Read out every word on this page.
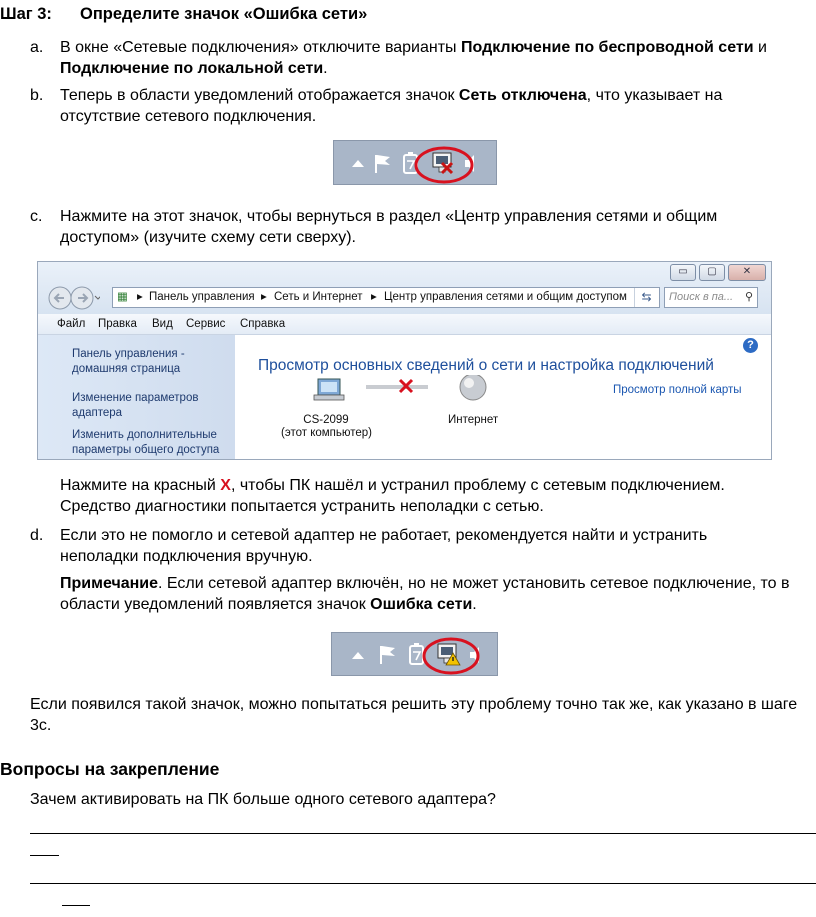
Шаг 3: Определите значок «Ошибка сети»
a. В окне «Сетевые подключения» отключите варианты Подключение по беспроводной сети и
Подключение по локальной сети.
b. Теперь в области уведомлений отображается значок Сеть отключена, что указывает на отсутствие сетевого подключения.
c. Нажмите на этот значок, чтобы вернуться в раздел «Центр управления сетями и общим доступом» (изучите схему сети сверху).
▭	▢	✕
▦ ▸ Панель управления ▸ Сеть и Интернет ▸ Центр управления сетями и общим доступом	⇆	Поиск в па... ⚲
Файл Правка Вид Сервис Справка
Панель управления -
домашняя страница
Изменение параметров
адаптера
Изменить дополнительные
параметры общего доступа
?
Просмотр основных сведений о сети и настройка подключений
Просмотр полной карты
CS-2099
(этот компьютер)
Интернет
Нажмите на красный Х, чтобы ПК нашёл и устранил проблему с сетевым подключением. Средство диагностики попытается устранить неполадки с сетью.
d. Если это не помогло и сетевой адаптер не работает, рекомендуется найти и устранить неполадки подключения вручную.
Примечание. Если сетевой адаптер включён, но не может установить сетевое подключение, то в области уведомлений появляется значок Ошибка сети.
Если появился такой значок, можно попытаться решить эту проблему точно так же, как указано в шаге 3c.
Вопросы на закрепление
Зачем активировать на ПК больше одного сетевого адаптера?
